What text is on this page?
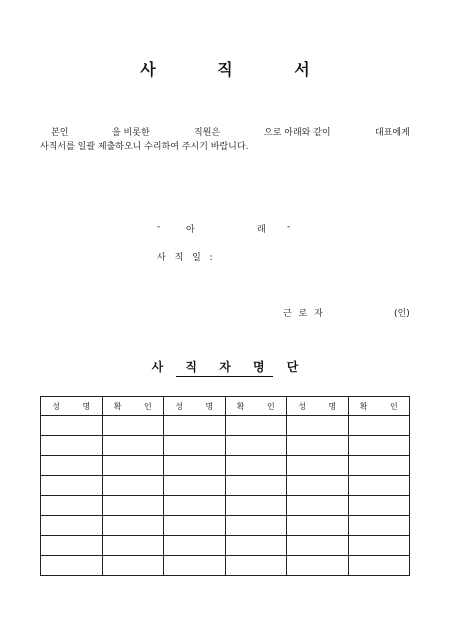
사 직 서
본인	을 비롯한	직원은	으로 아래와 같이	대표에게
사직서를 일괄 제출하오니 수리하여 주시기 바랍니다.
-	아	래 -
사 직 일 :
근 로 자	(인)
사 직 자 명 단
성 명	확 인	성 명	확 인	성 명	확 인
